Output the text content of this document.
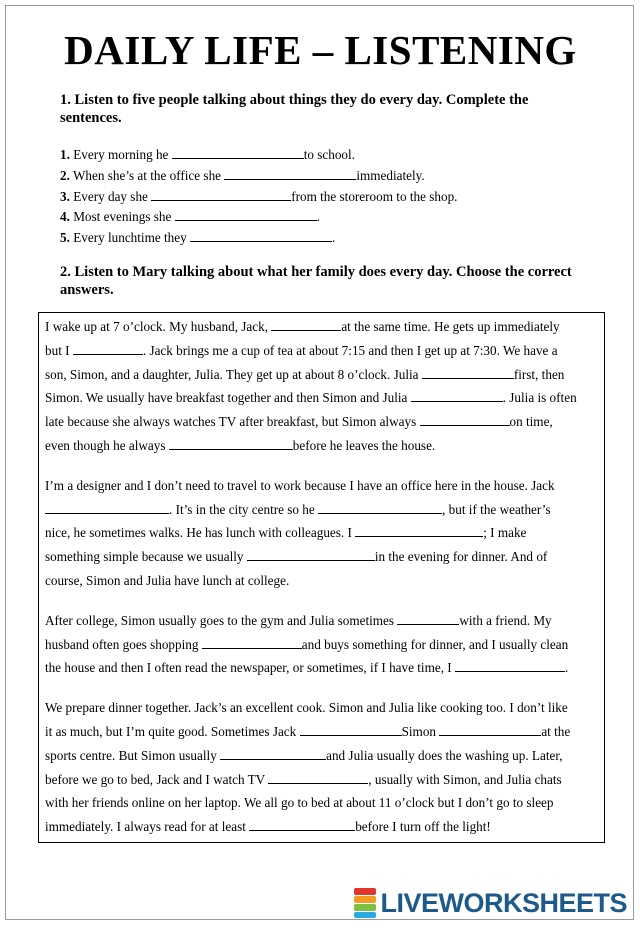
DAILY LIFE – LISTENING
1. Listen to five people talking about things they do every day. Complete the sentences.
1. Every morning he	to school.
2. When she’s at the office she	immediately.
3. Every day she	from the storeroom to the shop.
4. Most evenings she	.
5. Every lunchtime they	.
2. Listen to Mary talking about what her family does every day. Choose the correct answers.
I wake up at 7 o’clock. My husband, Jack,	at the same time. He gets up immediately
but I	. Jack brings me a cup of tea at about 7:15 and then I get up at 7:30. We have a
son, Simon, and a daughter, Julia. They get up at about 8 o’clock. Julia	first, then
Simon. We usually have breakfast together and then Simon and Julia	. Julia is often
late because she always watches TV after breakfast, but Simon always	on time,
even though he always	before he leaves the house.
I’m a designer and I don’t need to travel to work because I have an office here in the house. Jack
. It’s in the city centre so he	, but if the weather’s
nice, he sometimes walks. He has lunch with colleagues. I	; I make
something simple because we usually	in the evening for dinner. And of
course, Simon and Julia have lunch at college.
After college, Simon usually goes to the gym and Julia sometimes	with a friend. My
husband often goes shopping	and buys something for dinner, and I usually clean
the house and then I often read the newspaper, or sometimes, if I have time, I	.
We prepare dinner together. Jack’s an excellent cook. Simon and Julia like cooking too. I don’t like
it as much, but I’m quite good. Sometimes Jack	Simon	at the
sports centre. But Simon usually	and Julia usually does the washing up. Later,
before we go to bed, Jack and I watch TV	, usually with Simon, and Julia chats
with her friends online on her laptop. We all go to bed at about 11 o’clock but I don’t go to sleep
immediately. I always read for at least	before I turn off the light!
LIVEWORKSHEETS
